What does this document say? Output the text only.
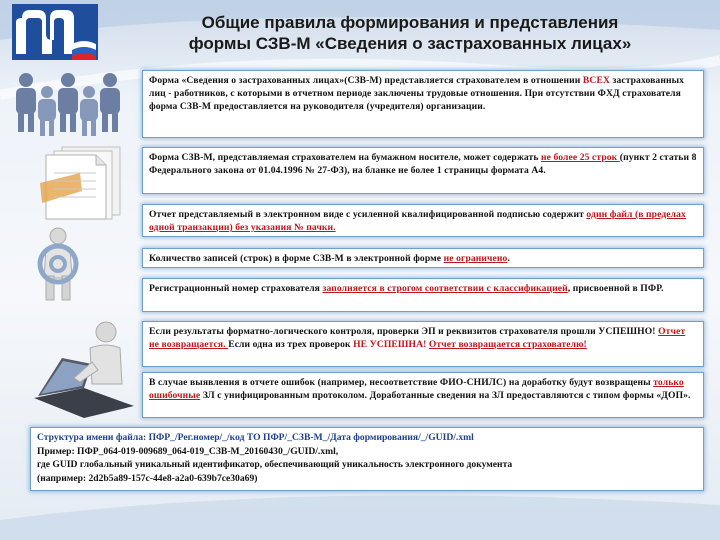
Общие правила формирования и представления
формы СЗВ-М «Сведения о застрахованных лицах»
Форма «Сведения о застрахованных лицах»(СЗВ-М) представляется страхователем в отношении ВСЕХ застрахованных лиц - работников, с которыми в отчетном периоде заключены трудовые отношения. При отсутствии ФХД страхователя форма СЗВ-М предоставляется на руководителя (учредителя) организации.
Форма СЗВ-М, представляемая страхователем на бумажном носителе, может содержать не более 25 строк (пункт 2 статьи 8 Федерального закона от 01.04.1996 № 27-ФЗ), на бланке не более 1 страницы формата А4.
Отчет представляемый в электронном виде с усиленной квалифицированной подписью содержит один файл (в пределах одной транзакции) без указания № пачки.
Количество записей (строк) в форме СЗВ-М в электронной форме не ограничено.
Регистрационный номер страхователя заполняется в строгом соответствии с классификацией, присвоенной в ПФР.
Если результаты форматно-логического контроля, проверки ЭП и реквизитов страхователя прошли УСПЕШНО! Отчет не возвращается. Если одна из трех проверок НЕ УСПЕШНА! Отчет возвращается страхователю!
В случае выявления в отчете ошибок (например, несоответствие ФИО-СНИЛС) на доработку будут возвращены только ошибочные ЗЛ с унифицированным протоколом. Доработанные сведения на ЗЛ предоставляются с типом формы «ДОП».
Структура имени файла: ПФР_/Рег.номер/_/код ТО ПФР/_СЗВ-М_/Дата формирования/_/GUID/.xml
Пример: ПФР_064-019-009689_064-019_СЗВ-М_20160430_/GUID/.xml,
где GUID глобальный уникальный идентификатор, обеспечивающий уникальность электронного документа
(например: 2d2b5a89-157c-44e8-a2a0-639b7ce30a69)
